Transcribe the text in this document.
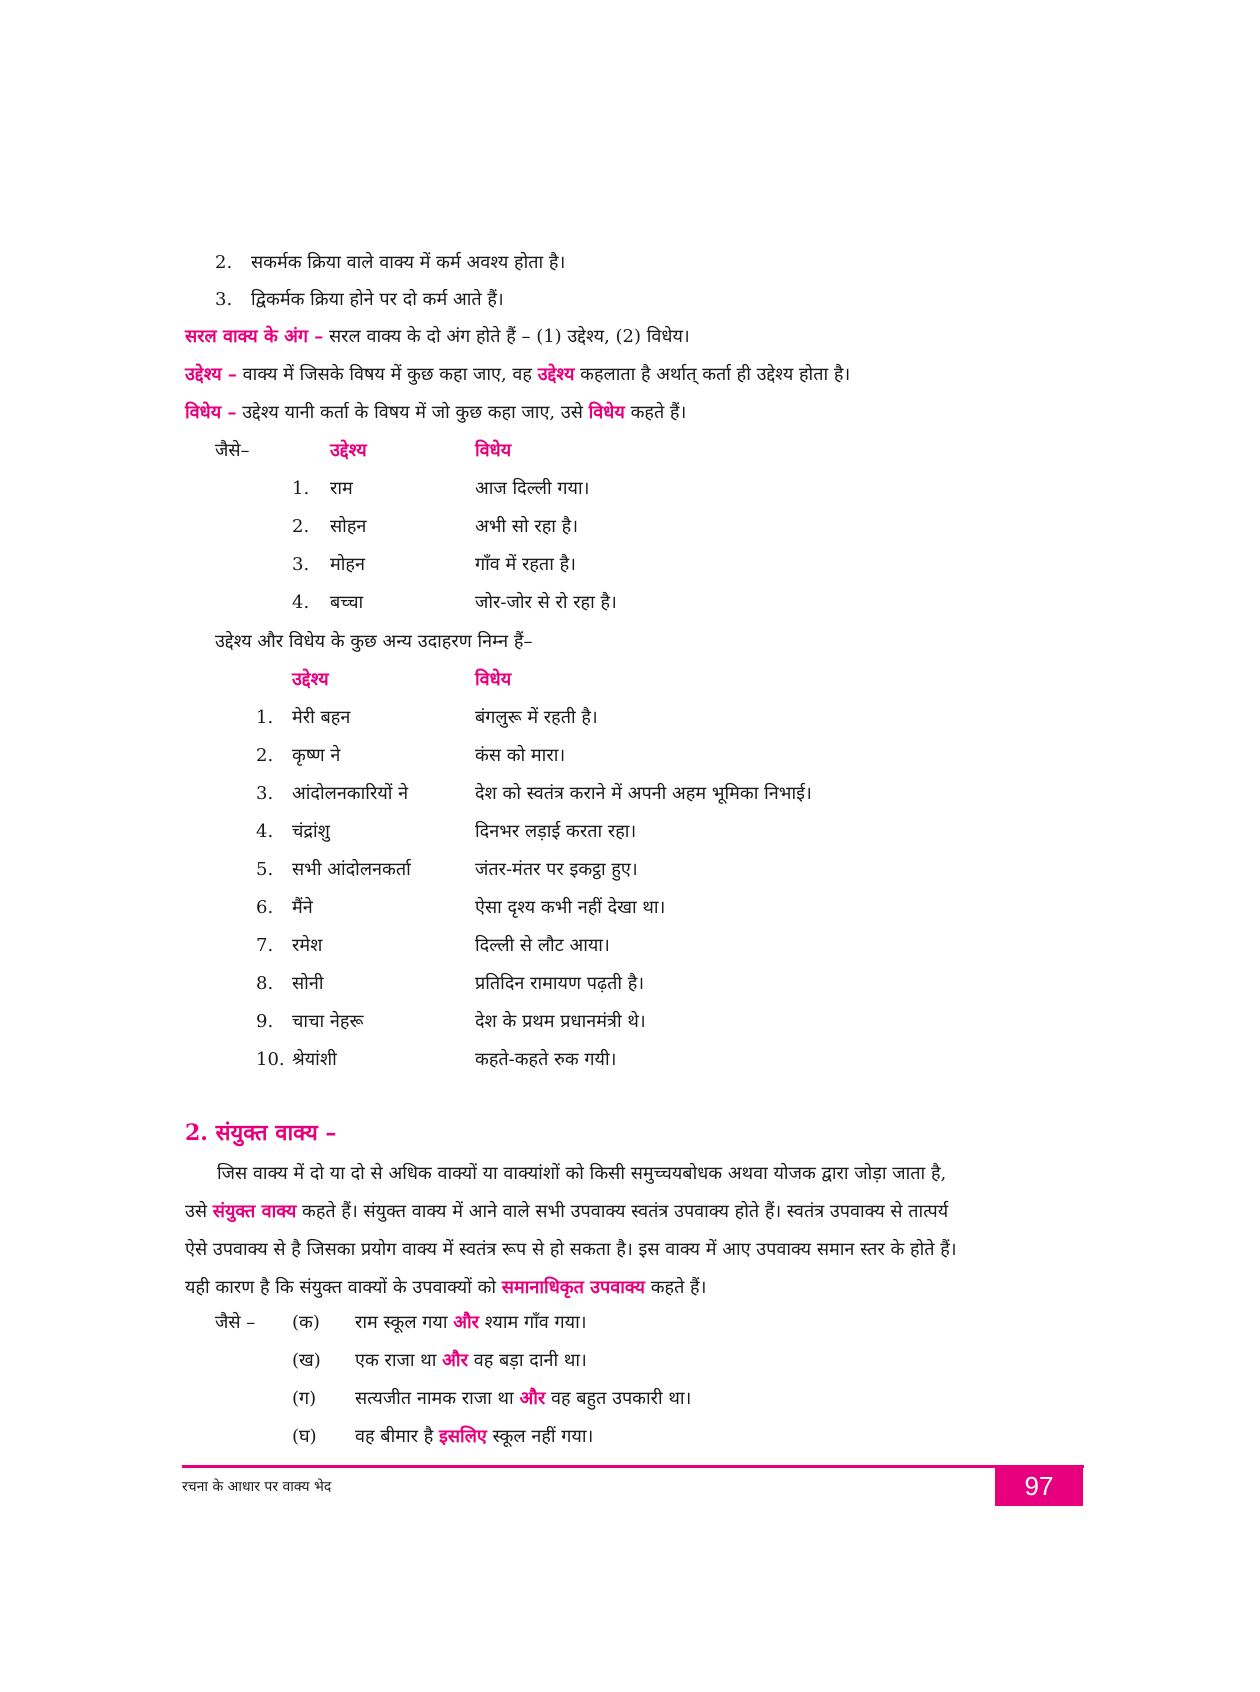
2. सकर्मक क्रिया वाले वाक्य में कर्म अवश्य होता है।
3. द्विकर्मक क्रिया होने पर दो कर्म आते हैं।
सरल वाक्य के अंग – सरल वाक्य के दो अंग होते हैं – (1) उद्देश्य, (2) विधेय।
उद्देश्य – वाक्य में जिसके विषय में कुछ कहा जाए, वह उद्देश्य कहलाता है अर्थात् कर्ता ही उद्देश्य होता है।
विधेय – उद्देश्य यानी कर्ता के विषय में जो कुछ कहा जाए, उसे विधेय कहते हैं।
जैसे–	उद्देश्य	विधेय
1. राम	आज दिल्ली गया।
2. सोहन	अभी सो रहा है।
3. मोहन	गाँव में रहता है।
4. बच्चा	जोर-जोर से रो रहा है।
उद्देश्य और विधेय के कुछ अन्य उदाहरण निम्न हैं–
उद्देश्य	विधेय
1. मेरी बहन	बंगलुरू में रहती है।
2. कृष्ण ने	कंस को मारा।
3. आंदोलनकारियों ने	देश को स्वतंत्र कराने में अपनी अहम भूमिका निभाई।
4. चंद्रांशु	दिनभर लड़ाई करता रहा।
5. सभी आंदोलनकर्ता	जंतर-मंतर पर इकट्ठा हुए।
6. मैंने	ऐसा दृश्य कभी नहीं देखा था।
7. रमेश	दिल्ली से लौट आया।
8. सोनी	प्रतिदिन रामायण पढ़ती है।
9. चाचा नेहरू	देश के प्रथम प्रधानमंत्री थे।
10. श्रेयांशी	कहते-कहते रुक गयी।
2. संयुक्त वाक्य –
जिस वाक्य में दो या दो से अधिक वाक्यों या वाक्यांशों को किसी समुच्चयबोधक अथवा योजक द्वारा जोड़ा जाता है,
उसे संयुक्त वाक्य कहते हैं। संयुक्त वाक्य में आने वाले सभी उपवाक्य स्वतंत्र उपवाक्य होते हैं। स्वतंत्र उपवाक्य से तात्पर्य
ऐसे उपवाक्य से है जिसका प्रयोग वाक्य में स्वतंत्र रूप से हो सकता है। इस वाक्य में आए उपवाक्य समान स्तर के होते हैं।
यही कारण है कि संयुक्त वाक्यों के उपवाक्यों को समानाधिकृत उपवाक्य कहते हैं।
जैसे – (क) राम स्कूल गया और श्याम गाँव गया।
(ख) एक राजा था और वह बड़ा दानी था।
(ग) सत्यजीत नामक राजा था और वह बहुत उपकारी था।
(घ) वह बीमार है इसलिए स्कूल नहीं गया।
रचना के आधार पर वाक्य भेद	97
